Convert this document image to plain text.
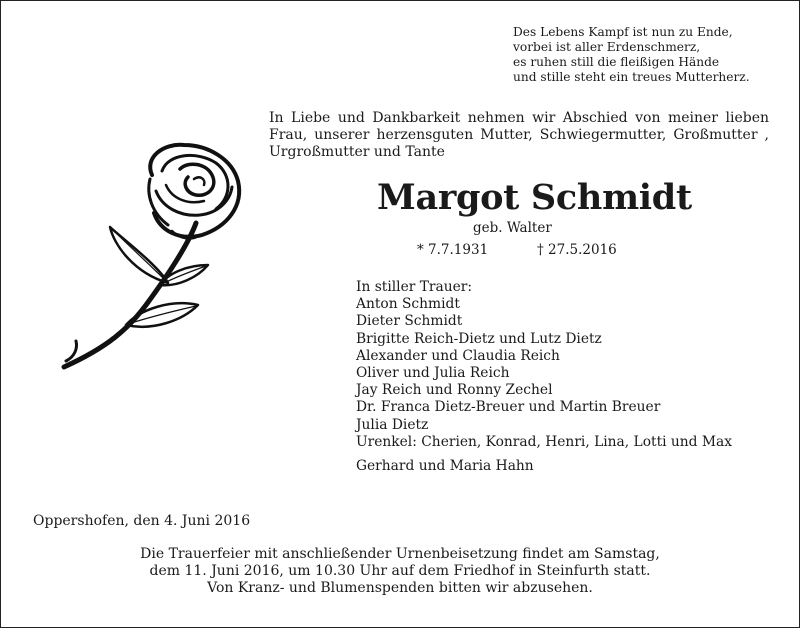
Des Lebens Kampf ist nun zu Ende,
vorbei ist aller Erdenschmerz,
es ruhen still die fleißigen Hände
und stille steht ein treues Mutterherz.

In Liebe und Dankbarkeit nehmen wir Abschied von meiner lieben Frau, unserer herzensguten Mutter, Schwiegermutter, Großmutter , Urgroßmutter und Tante

Margot Schmidt
geb. Walter
* 7.7.1931	† 27.5.2016
In stiller Trauer:
Anton Schmidt
Dieter Schmidt
Brigitte Reich-Dietz und Lutz Dietz
Alexander und Claudia Reich
Oliver und Julia Reich
Jay Reich und Ronny Zechel
Dr. Franca Dietz-Breuer und Martin Breuer
Julia Dietz
Urenkel: Cherien, Konrad, Henri, Lina, Lotti und Max
Gerhard und Maria Hahn
Oppershofen, den 4. Juni 2016
Die Trauerfeier mit anschließender Urnenbeisetzung findet am Samstag,
dem 11. Juni 2016, um 10.30 Uhr auf dem Friedhof in Steinfurth statt.
Von Kranz- und Blumenspenden bitten wir abzusehen.
